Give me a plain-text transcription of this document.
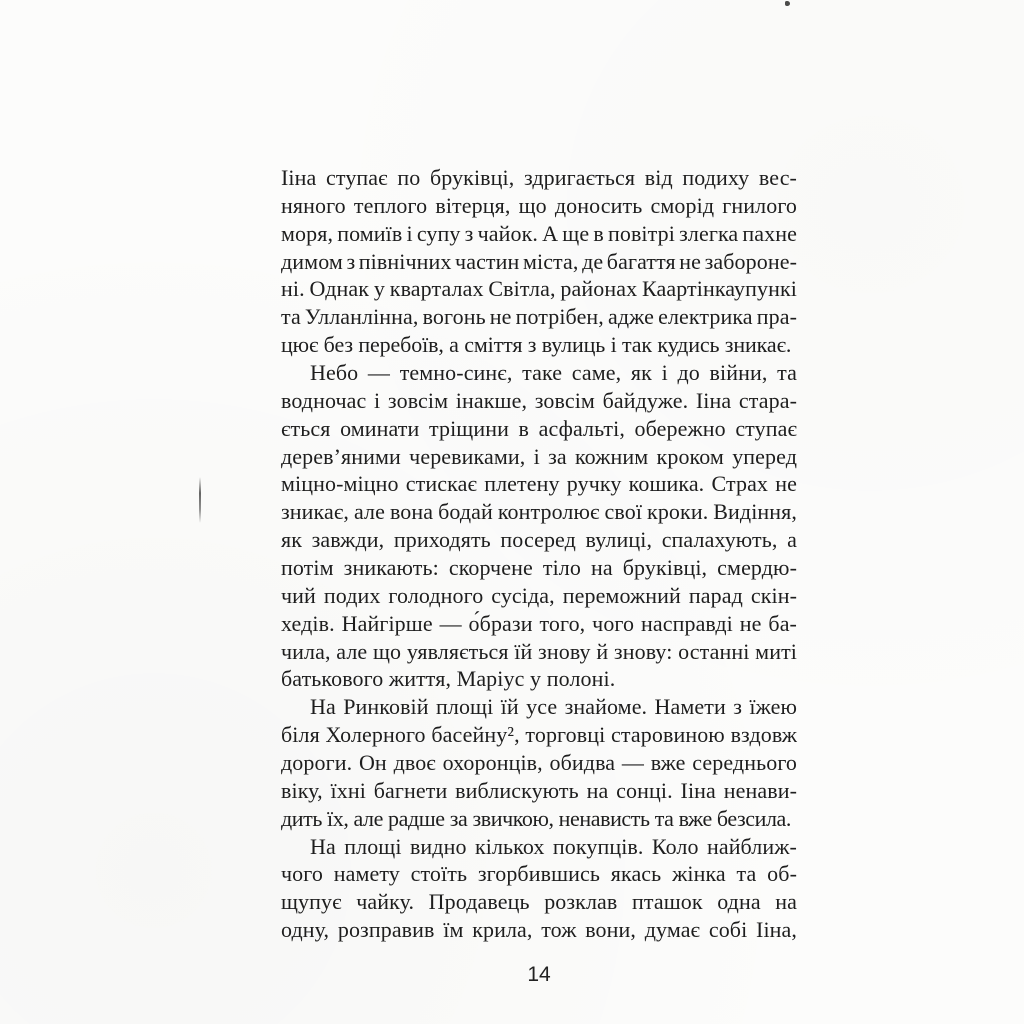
Ііна ступає по бруківці, здригається від подиху вес-
няного теплого вітерця, що доносить сморід гнилого
моря, помиїв і супу з чайок. А ще в повітрі злегка пахне
димом з північних частин міста, де багаття не забороне-
ні. Однак у кварталах Світла, районах Каартінкаупункі
та Улланлінна, вогонь не потрібен, адже електрика пра-
цює без перебоїв, а сміття з вулиць і так кудись зникає.
Небо — темно-синє, таке саме, як і до війни, та
водночас і зовсім інакше, зовсім байдуже. Ііна стара-
ється оминати тріщини в асфальті, обережно ступає
дерев’яними черевиками, і за кожним кроком уперед
міцно-міцно стискає плетену ручку кошика. Страх не
зникає, але вона бодай контролює свої кроки. Видіння,
як завжди, приходять посеред вулиці, спалахують, а
потім зникають: скорчене тіло на бруківці, смердю-
чий подих голодного сусіда, переможний парад скін-
хедів. Найгірше — о́брази того, чого насправді не ба-
чила, але що уявляється їй знову й знову: останні миті
батькового життя, Маріус у полоні.
На Ринковій площі їй усе знайоме. Намети з їжею
біля Холерного басейну², торговці старовиною вздовж
дороги. Он двоє охоронців, обидва — вже середнього
віку, їхні багнети виблискують на сонці. Ііна ненави-
дить їх, але радше за звичкою, ненависть та вже безсила.
На площі видно кількох покупців. Коло найближ-
чого намету стоїть згорбившись якась жінка та об-
щупує чайку. Продавець розклав пташок одна на
одну, розправив їм крила, тож вони, думає собі Ііна,
14
